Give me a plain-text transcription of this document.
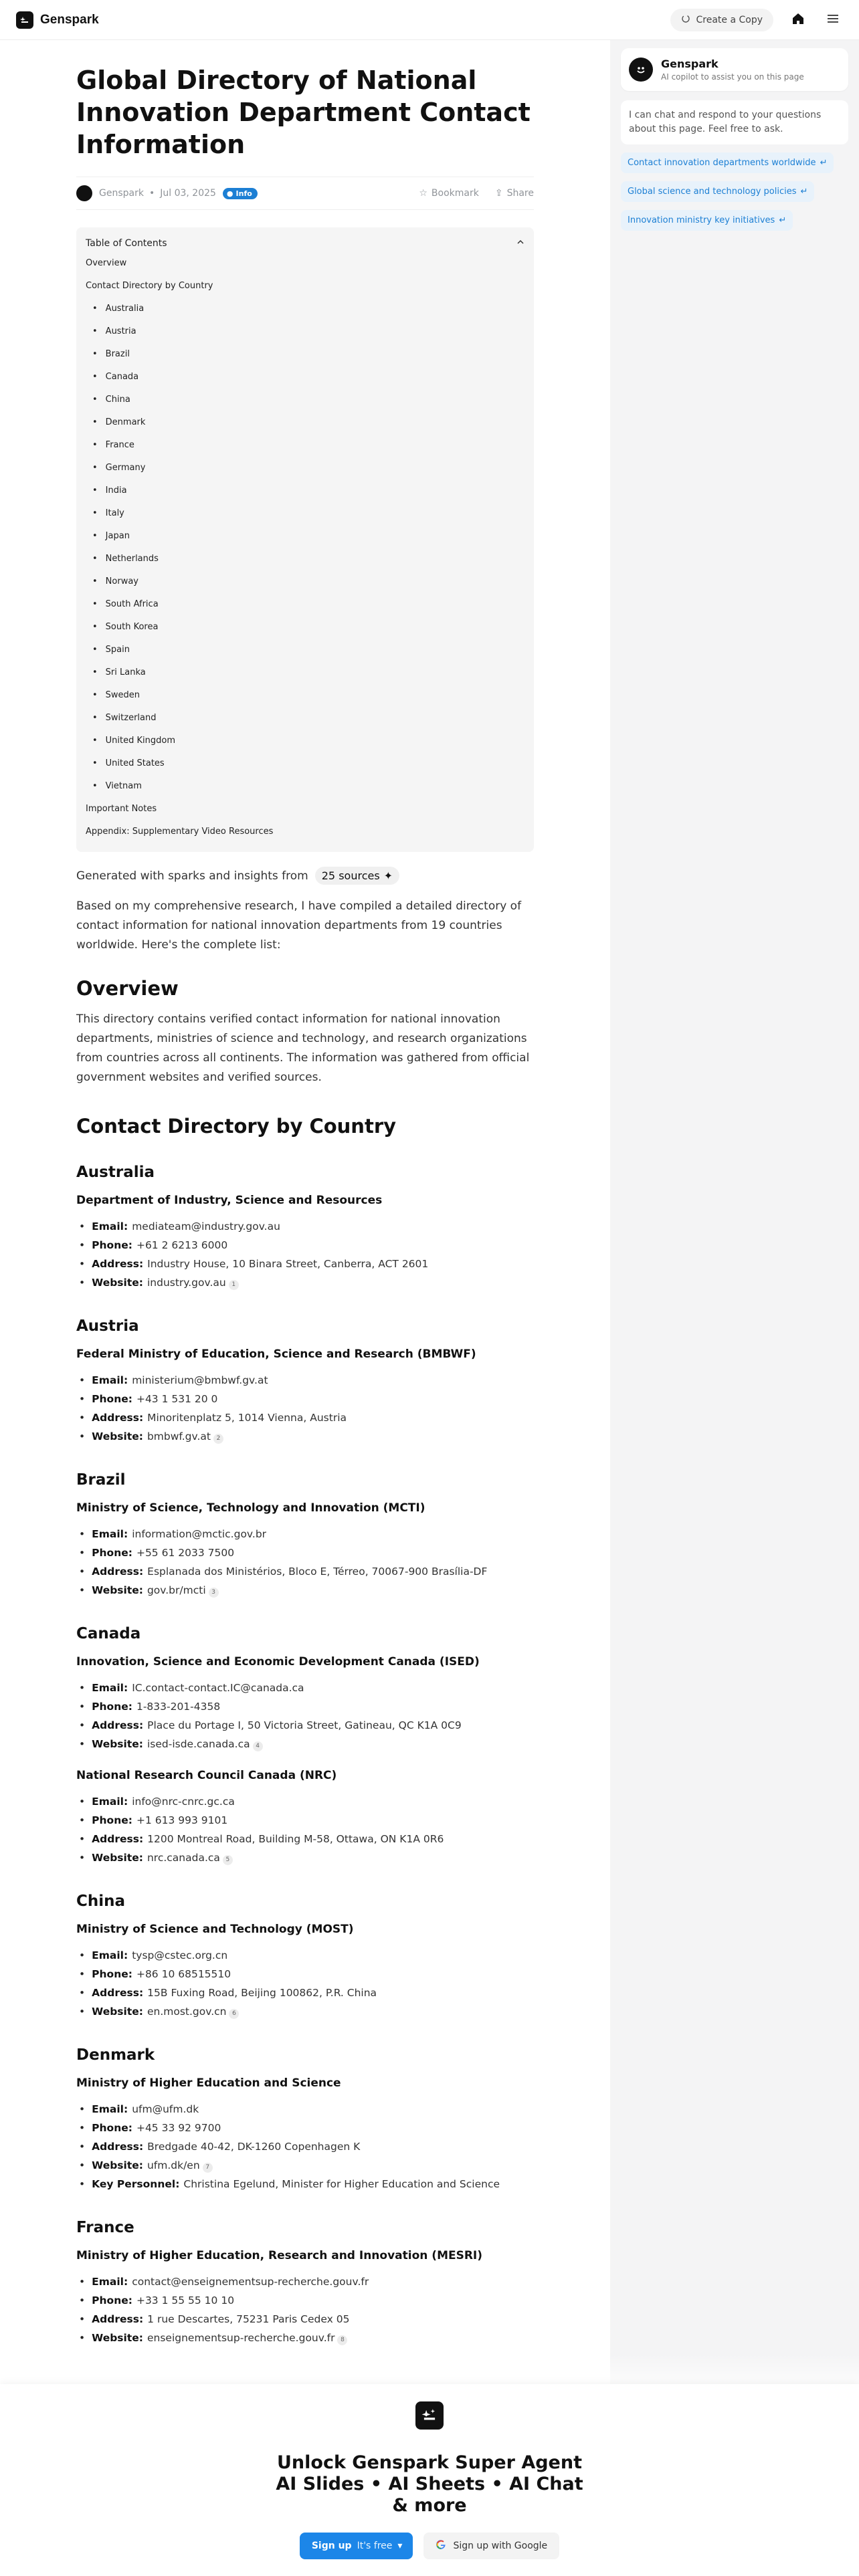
Genspark	Create a Copy
Genspark
AI copilot to assist you on this page
I can chat and respond to your questions about this page. Feel free to ask.
Contact innovation departments worldwide ↵
Global science and technology policies ↵
Innovation ministry key initiatives ↵
Global Directory of National Innovation Department Contact Information
Genspark • Jul 03, 2025 ● Info	☆ Bookmark ⇪ Share
Table of Contents
Overview
Contact Directory by Country
• Australia
• Austria
• Brazil
• Canada
• China
• Denmark
• France
• Germany
• India
• Italy
• Japan
• Netherlands
• Norway
• South Africa
• South Korea
• Spain
• Sri Lanka
• Sweden
• Switzerland
• United Kingdom
• United States
• Vietnam
Important Notes
Appendix: Supplementary Video Resources
Generated with sparks and insights from 25 sources ✦

Based on my comprehensive research, I have compiled a detailed directory of contact information for national innovation departments from 19 countries worldwide. Here's the complete list:

Overview

This directory contains verified contact information for national innovation departments, ministries of science and technology, and research organizations from countries across all continents. The information was gathered from official government websites and verified sources.

Contact Directory by Country
Australia
Department of Industry, Science and Resources
• Email: mediateam@industry.gov.au
• Phone: +61 2 6213 6000
• Address: Industry House, 10 Binara Street, Canberra, ACT 2601
• Website: industry.gov.au 1
Austria
Federal Ministry of Education, Science and Research (BMBWF)
• Email: ministerium@bmbwf.gv.at
• Phone: +43 1 531 20 0
• Address: Minoritenplatz 5, 1014 Vienna, Austria
• Website: bmbwf.gv.at 2
Brazil
Ministry of Science, Technology and Innovation (MCTI)
• Email: information@mctic.gov.br
• Phone: +55 61 2033 7500
• Address: Esplanada dos Ministérios, Bloco E, Térreo, 70067-900 Brasília-DF
• Website: gov.br/mcti 3
Canada
Innovation, Science and Economic Development Canada (ISED)
• Email: IC.contact-contact.IC@canada.ca
• Phone: 1-833-201-4358
• Address: Place du Portage I, 50 Victoria Street, Gatineau, QC K1A 0C9
• Website: ised-isde.canada.ca 4
National Research Council Canada (NRC)
• Email: info@nrc-cnrc.gc.ca
• Phone: +1 613 993 9101
• Address: 1200 Montreal Road, Building M-58, Ottawa, ON K1A 0R6
• Website: nrc.canada.ca 5
China
Ministry of Science and Technology (MOST)
• Email: tysp@cstec.org.cn
• Phone: +86 10 68515510
• Address: 15B Fuxing Road, Beijing 100862, P.R. China
• Website: en.most.gov.cn 6
Denmark
Ministry of Higher Education and Science
• Email: ufm@ufm.dk
• Phone: +45 33 92 9700
• Address: Bredgade 40-42, DK-1260 Copenhagen K
• Website: ufm.dk/en 7
• Key Personnel: Christina Egelund, Minister for Higher Education and Science
France
Ministry of Higher Education, Research and Innovation (MESRI)
• Email: contact@enseignementsup-recherche.gouv.fr
• Phone: +33 1 55 55 10 10
• Address: 1 rue Descartes, 75231 Paris Cedex 05
• Website: enseignementsup-recherche.gouv.fr 8
Unlock Genspark Super Agent AI Slides • AI Sheets • AI Chat & more
Sign up It's free ▾	Sign up with Google
